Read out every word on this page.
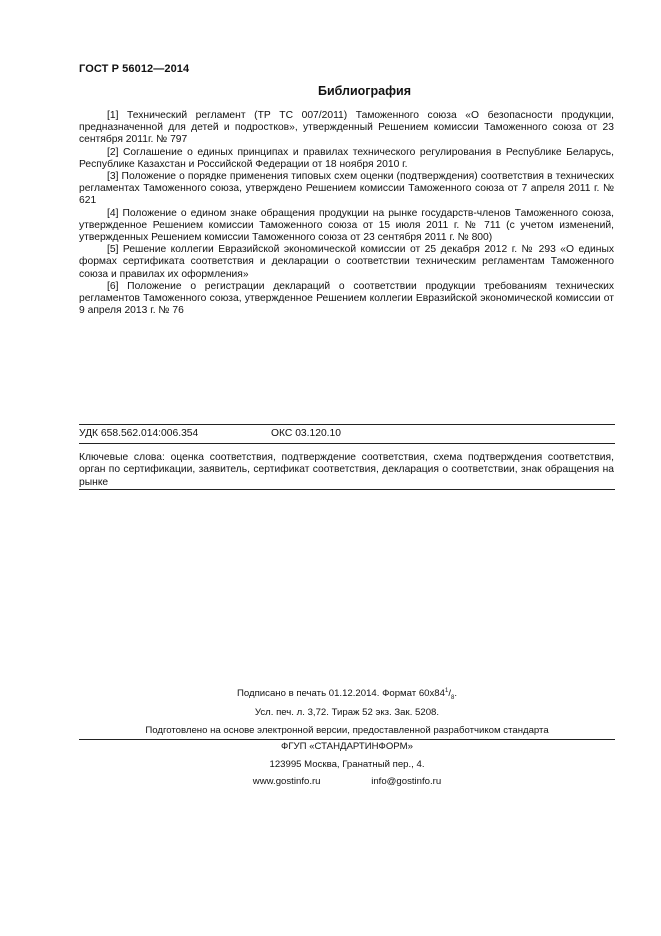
ГОСТ Р 56012—2014
Библиография

[1] Технический регламент (ТР ТС 007/2011) Таможенного союза «О безопасности продукции, предназначенной для детей и подростков», утвержденный Решением комиссии Таможенного союза от 23 сентября 2011г. № 797

[2] Соглашение о единых принципах и правилах технического регулирования в Республике Беларусь, Республике Казахстан и Российской Федерации от 18 ноября 2010 г.

[3] Положение о порядке применения типовых схем оценки (подтверждения) соответствия в технических регламентах Таможенного союза, утверждено Решением комиссии Таможенного союза от 7 апреля 2011 г. № 621

[4] Положение о едином знаке обращения продукции на рынке государств-членов Таможенного союза, утвержденное Решением комиссии Таможенного союза от 15 июля 2011 г. № 711 (с учетом изменений, утвержденных Решением комиссии Таможенного союза от 23 сентября 2011 г. № 800)

[5] Решение коллегии Евразийской экономической комиссии от 25 декабря 2012 г. № 293 «О единых формах сертификата соответствия и декларации о соответствии техническим регламентам Таможенного союза и правилах их оформления»

[6] Положение о регистрации деклараций о соответствии продукции требованиям технических регламентов Таможенного союза, утвержденное Решением коллегии Евразийской экономической комиссии от 9 апреля 2013 г. № 76

УДК 658.562.014:006.354	ОКС 03.120.10
Ключевые слова: оценка соответствия, подтверждение соответствия, схема подтверждения соответствия, орган по сертификации, заявитель, сертификат соответствия, декларация о соответствии, знак обращения на рынке
Подписано в печать 01.12.2014. Формат $60х84^1/_8$.
Усл. печ. л. 3,72. Тираж 52 экз. Зак. 5208.
Подготовлено на основе электронной версии, предоставленной разработчиком стандарта
ФГУП «СТАНДАРТИНФОРМ»
123995 Москва, Гранатный пер., 4.
www.gostinfo.ru	info@gostinfo.ru
